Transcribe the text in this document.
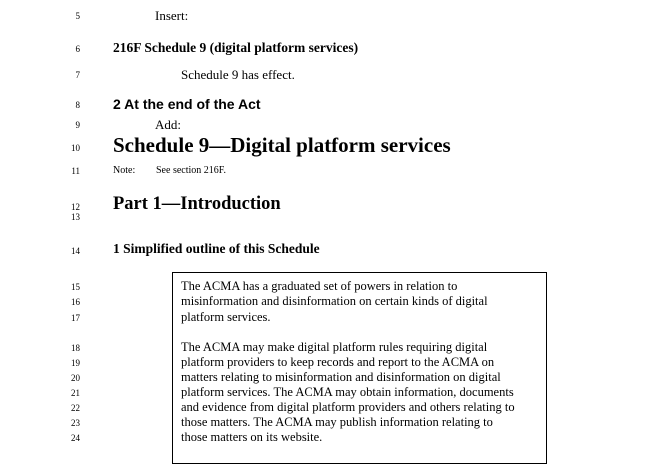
5
6
7
8
9
10
11
12
13
14
15
16
17
18
19
20
21
22
23
24
Insert:
216F Schedule 9 (digital platform services)
Schedule 9 has effect.
2 At the end of the Act
Add:
Schedule 9—Digital platform services
Note: See section 216F.
Part 1—Introduction
1 Simplified outline of this Schedule
The ACMA has a graduated set of powers in relation to
misinformation and disinformation on certain kinds of digital
platform services.
The ACMA may make digital platform rules requiring digital
platform providers to keep records and report to the ACMA on
matters relating to misinformation and disinformation on digital
platform services. The ACMA may obtain information, documents
and evidence from digital platform providers and others relating to
those matters. The ACMA may publish information relating to
those matters on its website.
